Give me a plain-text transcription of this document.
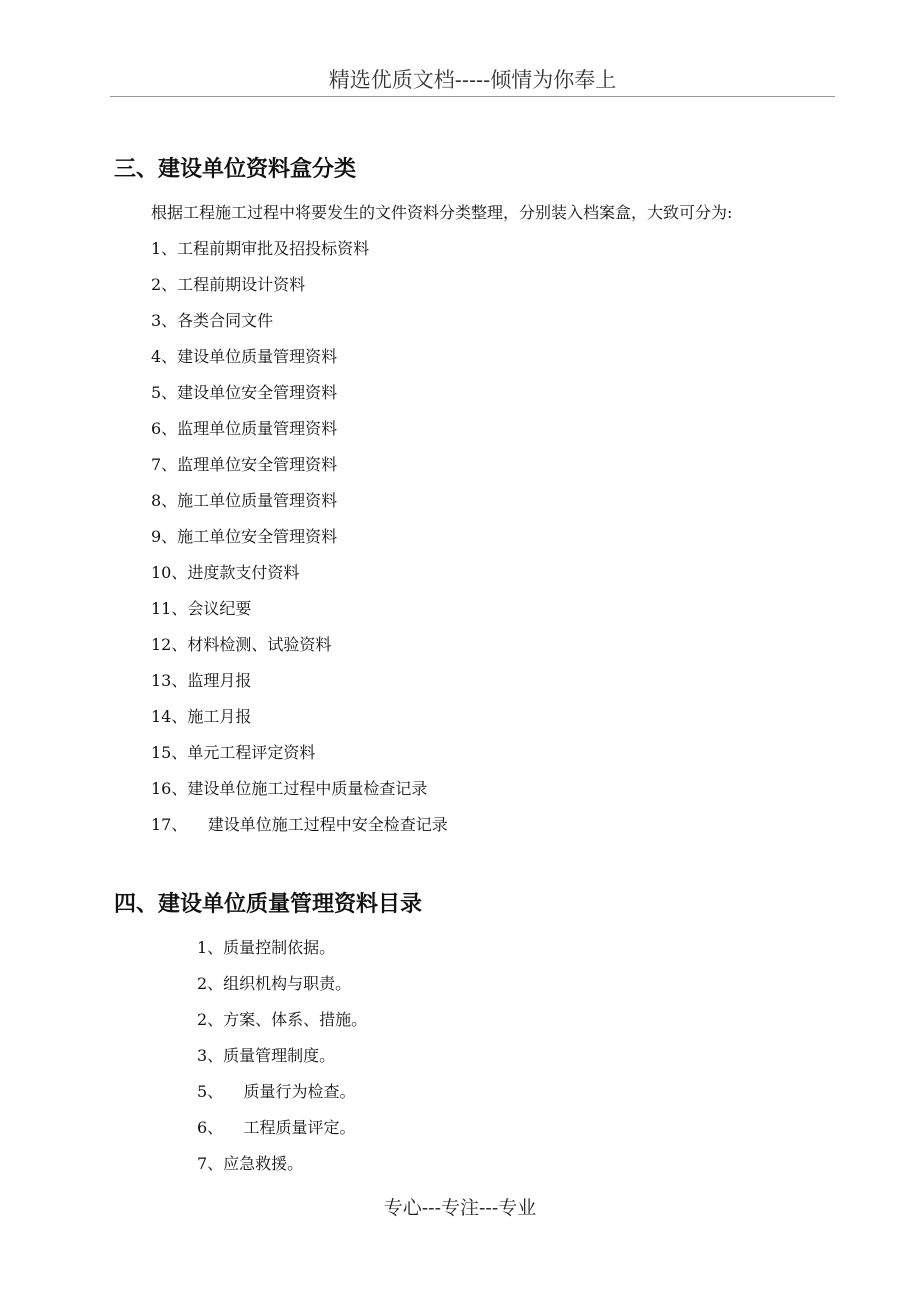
精选优质文档-----倾情为你奉上
三、建设单位资料盒分类
根据工程施工过程中将要发生的文件资料分类整理，分别装入档案盒，大致可分为:
1、工程前期审批及招投标资料
2、工程前期设计资料
3、各类合同文件
4、建设单位质量管理资料
5、建设单位安全管理资料
6、监理单位质量管理资料
7、监理单位安全管理资料
8、施工单位质量管理资料
9、施工单位安全管理资料
10、进度款支付资料
11、会议纪要
12、材料检测、试验资料
13、监理月报
14、施工月报
15、单元工程评定资料
16、建设单位施工过程中质量检查记录
17、    建设单位施工过程中安全检查记录
四、建设单位质量管理资料目录
1、质量控制依据。
2、组织机构与职责。
2、方案、体系、措施。
3、质量管理制度。
5、    质量行为检查。
6、    工程质量评定。
7、应急救援。
专心---专注---专业
